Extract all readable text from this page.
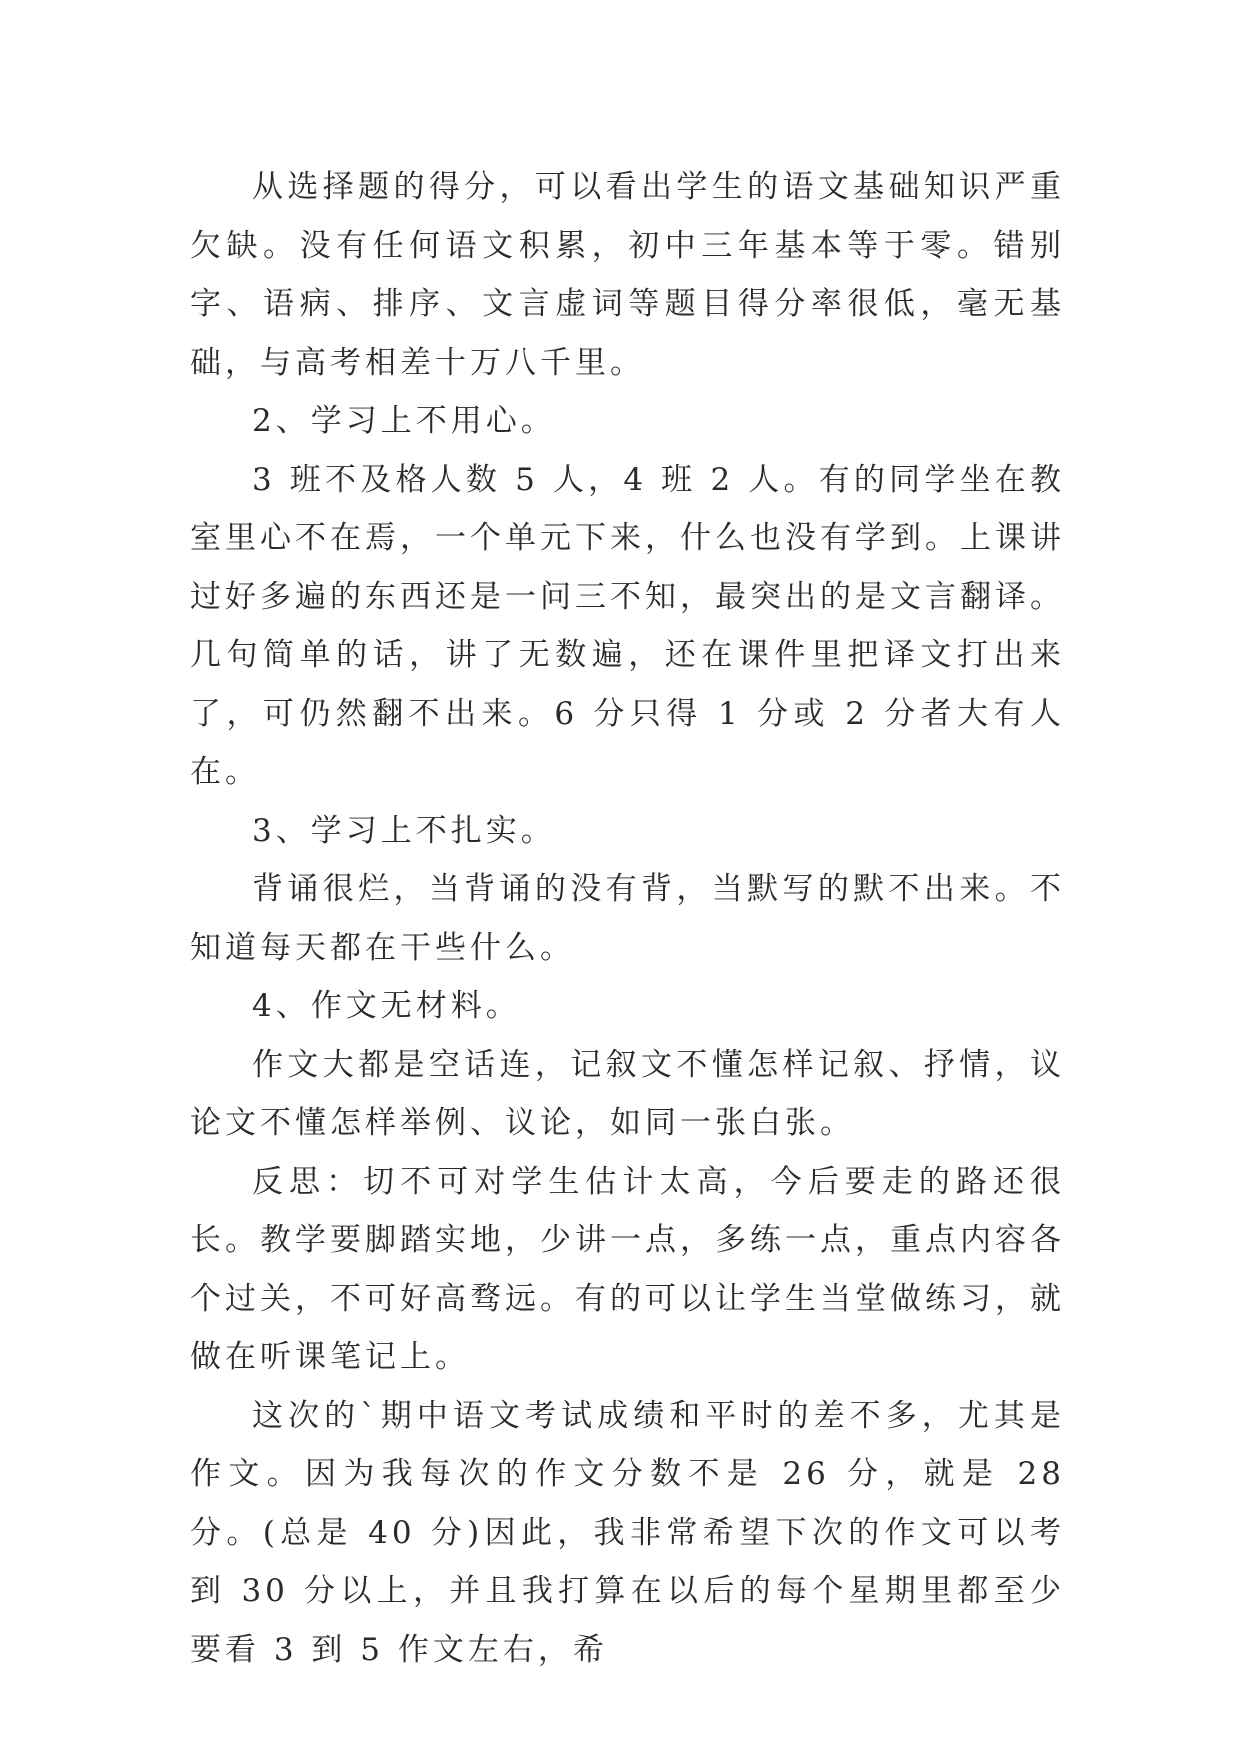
从选择题的得分，可以看出学生的语文基础知识严重欠缺。没有任何语文积累，初中三年基本等于零。错别字、语病、排序、文言虚词等题目得分率很低，毫无基础，与高考相差十万八千里。

2、学习上不用心。

3 班不及格人数 5 人，4 班 2 人。有的同学坐在教室里心不在焉，一个单元下来，什么也没有学到。上课讲过好多遍的东西还是一问三不知，最突出的是文言翻译。几句简单的话，讲了无数遍，还在课件里把译文打出来了，可仍然翻不出来。6 分只得 1 分或 2 分者大有人在。

3、学习上不扎实。

背诵很烂，当背诵的没有背，当默写的默不出来。不知道每天都在干些什么。

4、作文无材料。

作文大都是空话连，记叙文不懂怎样记叙、抒情，议论文不懂怎样举例、议论，如同一张白张。

反思：切不可对学生估计太高，今后要走的路还很长。教学要脚踏实地，少讲一点，多练一点，重点内容各个过关，不可好高骛远。有的可以让学生当堂做练习，就做在听课笔记上。

这次的`期中语文考试成绩和平时的差不多，尤其是作文。因为我每次的作文分数不是 26 分，就是 28 分。(总是 40 分)因此，我非常希望下次的作文可以考到 30 分以上，并且我打算在以后的每个星期里都至少要看 3 到 5 作文左右，希
